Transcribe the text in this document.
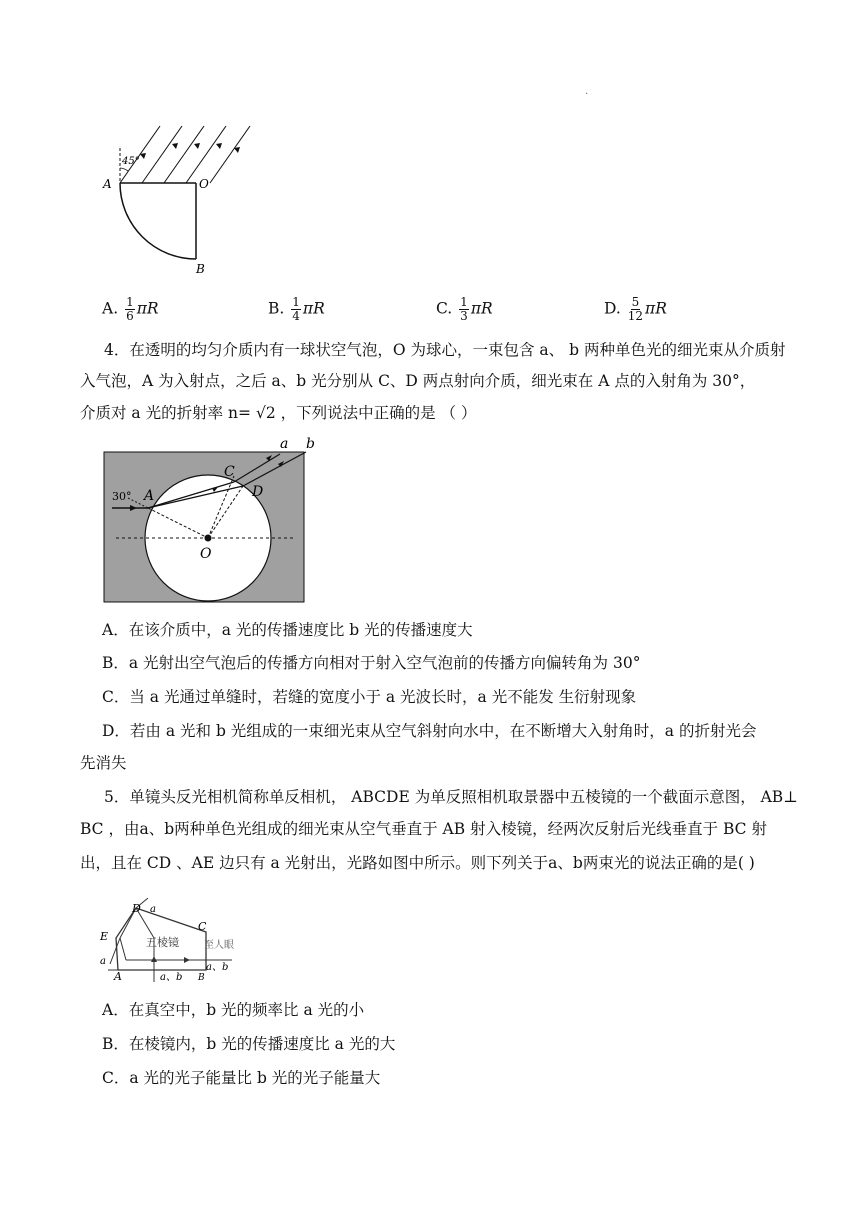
.
45°
A	O
B
A. $\frac{1}{6}$ πR	B. $\frac{1}{4}$ πR	C. $\frac{1}{3}$ πR	D. $\frac{5}{12}$ πR
4．在透明的均匀介质内有一球状空气泡，O 为球心，一束包含 a、 b 两种单色光的细光束从介质射
入气泡，A 为入射点，之后 a、b 光分别从 C、D 两点射向介质，细光束在 A 点的入射角为 30°，
介质对 a 光的折射率 n= √2 ，下列说法中正确的是 （ ）
a b
C
D
A
O
30°
A．在该介质中，a 光的传播速度比 b 光的传播速度大
B．a 光射出空气泡后的传播方向相对于射入空气泡前的传播方向偏转角为 30°
C．当 a 光通过单缝时，若缝的宽度小于 a 光波长时，a 光不能发 生衍射现象
D．若由 a 光和 b 光组成的一束细光束从空气斜射向水中，在不断增大入射角时，a 的折射光会
先消失
5．单镜头反光相机简称单反相机， ABCDE 为单反照相机取景器中五棱镜的一个截面示意图， AB⊥
BC ，由a、b两种单色光组成的细光束从空气垂直于 AB 射入棱镜，经两次反射后光线垂直于 BC 射
出，且在 CD 、AE 边只有 a 光射出，光路如图中所示。则下列关于a、b两束光的说法正确的是( )
D a
C
E	五棱镜	至人眼
a
A	B
a、b
a、b
A．在真空中，b 光的频率比 a 光的小
B．在棱镜内，b 光的传播速度比 a 光的大
C．a 光的光子能量比 b 光的光子能量大
